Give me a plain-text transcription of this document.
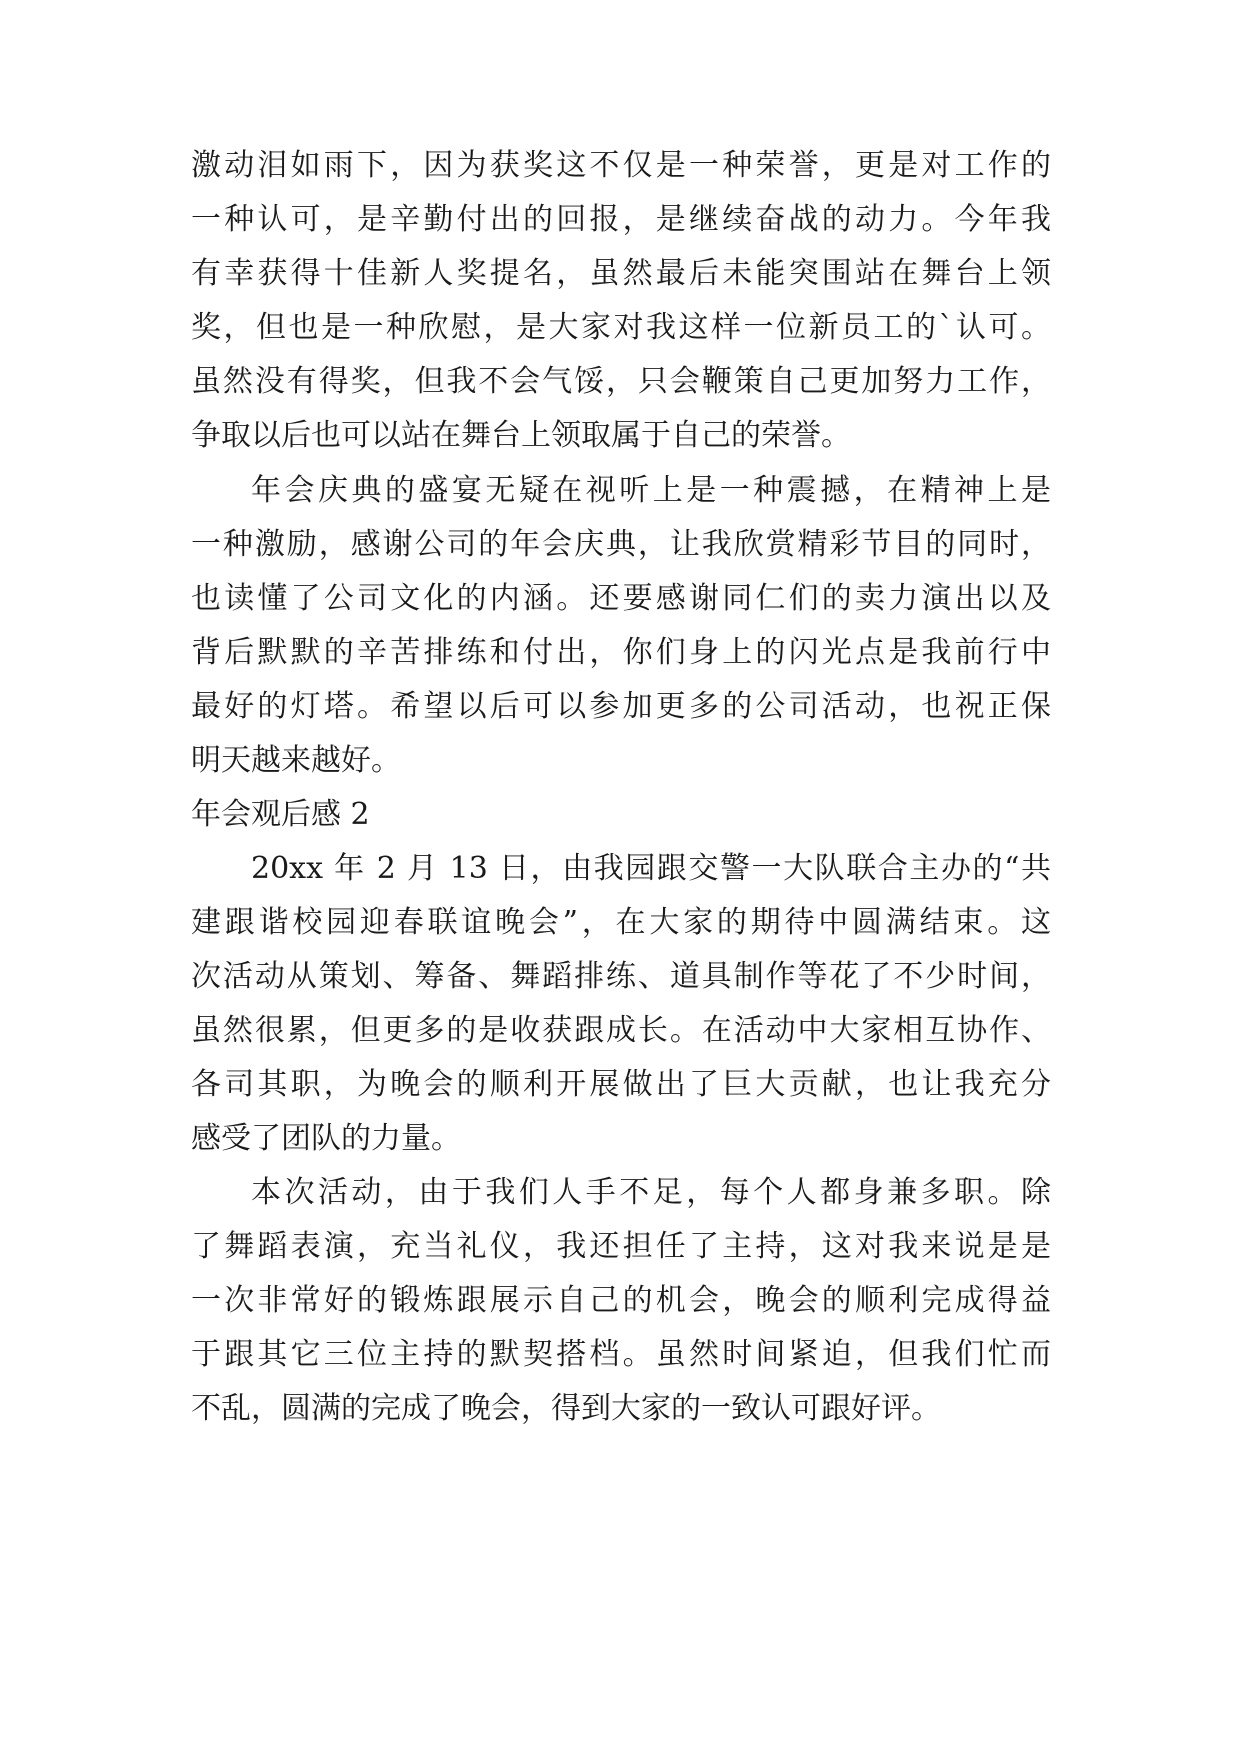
激动泪如雨下，因为获奖这不仅是一种荣誉，更是对工作的
一种认可，是辛勤付出的回报，是继续奋战的动力。今年我
有幸获得十佳新人奖提名，虽然最后未能突围站在舞台上领
奖，但也是一种欣慰，是大家对我这样一位新员工的`认可。
虽然没有得奖，但我不会气馁，只会鞭策自己更加努力工作，
争取以后也可以站在舞台上领取属于自己的荣誉。
年会庆典的盛宴无疑在视听上是一种震撼，在精神上是
一种激励，感谢公司的年会庆典，让我欣赏精彩节目的同时，
也读懂了公司文化的内涵。还要感谢同仁们的卖力演出以及
背后默默的辛苦排练和付出，你们身上的闪光点是我前行中
最好的灯塔。希望以后可以参加更多的公司活动，也祝正保
明天越来越好。
年会观后感 2
20xx 年 2 月 13 日，由我园跟交警一大队联合主办的“共
建跟谐校园迎春联谊晚会”，在大家的期待中圆满结束。这
次活动从策划、筹备、舞蹈排练、道具制作等花了不少时间，
虽然很累，但更多的是收获跟成长。在活动中大家相互协作、
各司其职，为晚会的顺利开展做出了巨大贡献，也让我充分
感受了团队的力量。
本次活动，由于我们人手不足，每个人都身兼多职。除
了舞蹈表演，充当礼仪，我还担任了主持，这对我来说是是
一次非常好的锻炼跟展示自己的机会，晚会的顺利完成得益
于跟其它三位主持的默契搭档。虽然时间紧迫，但我们忙而
不乱，圆满的完成了晚会，得到大家的一致认可跟好评。
